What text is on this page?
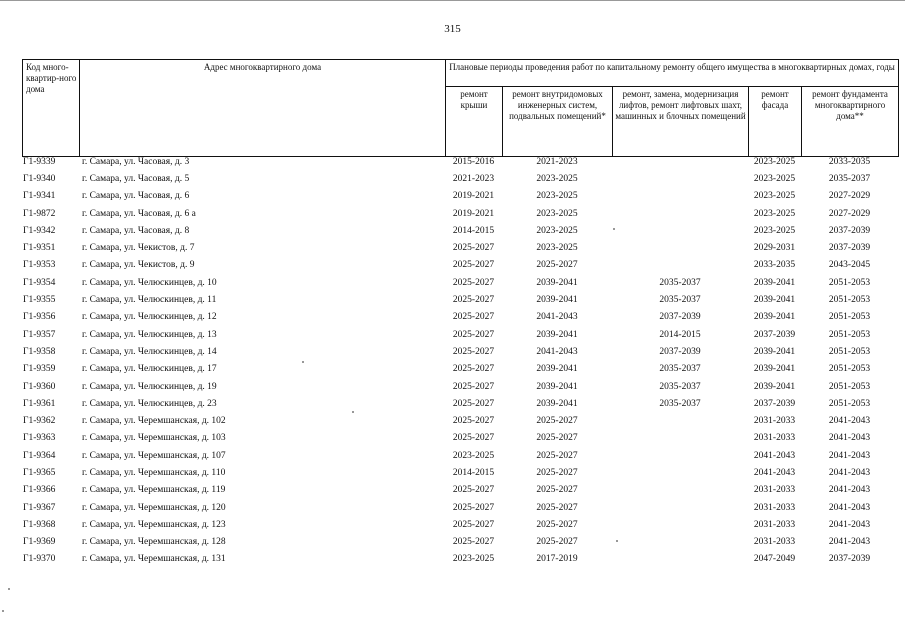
315
Код много-квартир-ного дома	Адрес многоквартирного дома	Плановые периоды проведения работ по капитальному ремонту общего имущества в многоквартирных домах, годы				
		ремонт крыши	ремонт внутридомовых инженерных систем, подвальных помещений*	ремонт, замена, модернизация лифтов, ремонт лифтовых шахт, машинных и блочных помещений	ремонт фасада	ремонт фундамента многоквартирного дома**
Г1-9339	г. Самара, ул. Часовая, д. 3	2015-2016	2021-2023		2023-2025	2033-2035
Г1-9340	г. Самара, ул. Часовая, д. 5	2021-2023	2023-2025		2023-2025	2035-2037
Г1-9341	г. Самара, ул. Часовая, д. 6	2019-2021	2023-2025		2023-2025	2027-2029
Г1-9872	г. Самара, ул. Часовая, д. 6 а	2019-2021	2023-2025		2023-2025	2027-2029
Г1-9342	г. Самара, ул. Часовая, д. 8	2014-2015	2023-2025		2023-2025	2037-2039
Г1-9351	г. Самара, ул. Чекистов, д. 7	2025-2027	2023-2025		2029-2031	2037-2039
Г1-9353	г. Самара, ул. Чекистов, д. 9	2025-2027	2025-2027		2033-2035	2043-2045
Г1-9354	г. Самара, ул. Челюскинцев, д. 10	2025-2027	2039-2041	2035-2037	2039-2041	2051-2053
Г1-9355	г. Самара, ул. Челюскинцев, д. 11	2025-2027	2039-2041	2035-2037	2039-2041	2051-2053
Г1-9356	г. Самара, ул. Челюскинцев, д. 12	2025-2027	2041-2043	2037-2039	2039-2041	2051-2053
Г1-9357	г. Самара, ул. Челюскинцев, д. 13	2025-2027	2039-2041	2014-2015	2037-2039	2051-2053
Г1-9358	г. Самара, ул. Челюскинцев, д. 14	2025-2027	2041-2043	2037-2039	2039-2041	2051-2053
Г1-9359	г. Самара, ул. Челюскинцев, д. 17	2025-2027	2039-2041	2035-2037	2039-2041	2051-2053
Г1-9360	г. Самара, ул. Челюскинцев, д. 19	2025-2027	2039-2041	2035-2037	2039-2041	2051-2053
Г1-9361	г. Самара, ул. Челюскинцев, д. 23	2025-2027	2039-2041	2035-2037	2037-2039	2051-2053
Г1-9362	г. Самара, ул. Черемшанская, д. 102	2025-2027	2025-2027		2031-2033	2041-2043
Г1-9363	г. Самара, ул. Черемшанская, д. 103	2025-2027	2025-2027		2031-2033	2041-2043
Г1-9364	г. Самара, ул. Черемшанская, д. 107	2023-2025	2025-2027		2041-2043	2041-2043
Г1-9365	г. Самара, ул. Черемшанская, д. 110	2014-2015	2025-2027		2041-2043	2041-2043
Г1-9366	г. Самара, ул. Черемшанская, д. 119	2025-2027	2025-2027		2031-2033	2041-2043
Г1-9367	г. Самара, ул. Черемшанская, д. 120	2025-2027	2025-2027		2031-2033	2041-2043
Г1-9368	г. Самара, ул. Черемшанская, д. 123	2025-2027	2025-2027		2031-2033	2041-2043
Г1-9369	г. Самара, ул. Черемшанская, д. 128	2025-2027	2025-2027		2031-2033	2041-2043
Г1-9370	г. Самара, ул. Черемшанская, д. 131	2023-2025	2017-2019		2047-2049	2037-2039
